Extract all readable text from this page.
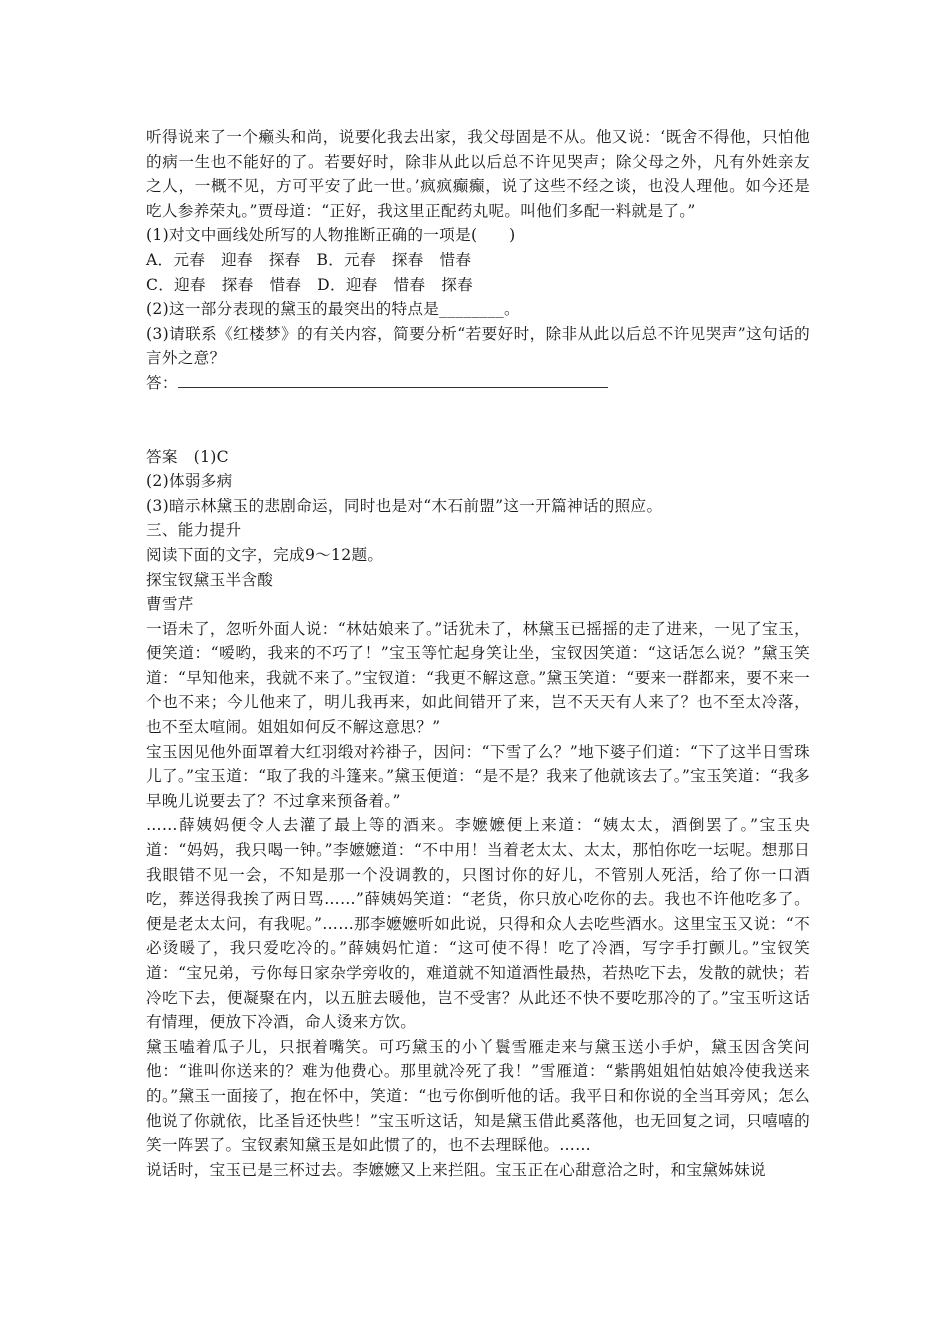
听得说来了一个癞头和尚，说要化我去出家，我父母固是不从。他又说：‘既舍不得他，只怕他的病一生也不能好的了。若要好时，除非从此以后总不许见哭声；除父母之外，凡有外姓亲友之人，一概不见，方可平安了此一世。’疯疯癫癫，说了这些不经之谈，也没人理他。如今还是吃人参养荣丸。”贾母道：“正好，我这里正配药丸呢。叫他们多配一料就是了。”

(1)对文中画线处所写的人物推断正确的一项是(　　)

A．元春　迎春　探春　B．元春　探春　惜春

C．迎春　探春　惜春　D．迎春　惜春　探春

(2)这一部分表现的黛玉的最突出的特点是________。

(3)请联系《红楼梦》的有关内容，简要分析“若要好时，除非从此以后总不许见哭声”这句话的言外之意？

答：

答案　(1)C

(2)体弱多病

(3)暗示林黛玉的悲剧命运，同时也是对“木石前盟”这一开篇神话的照应。

三、能力提升

阅读下面的文字，完成9～12题。

探宝钗黛玉半含酸

曹雪芹

一语未了，忽听外面人说：“林姑娘来了。”话犹未了，林黛玉已摇摇的走了进来，一见了宝玉，便笑道：“嗳哟，我来的不巧了！”宝玉等忙起身笑让坐，宝钗因笑道：“这话怎么说？”黛玉笑道：“早知他来，我就不来了。”宝钗道：“我更不解这意。”黛玉笑道：“要来一群都来，要不来一个也不来；今儿他来了，明儿我再来，如此间错开了来，岂不天天有人来了？也不至太冷落，也不至太喧闹。姐姐如何反不解这意思？”

宝玉因见他外面罩着大红羽缎对衿褂子，因问：“下雪了么？”地下婆子们道：“下了这半日雪珠儿了。”宝玉道：“取了我的斗篷来。”黛玉便道：“是不是？我来了他就该去了。”宝玉笑道：“我多早晚儿说要去了？不过拿来预备着。”

……薛姨妈便令人去灌了最上等的酒来。李嬷嬷便上来道：“姨太太，酒倒罢了。”宝玉央道：“妈妈，我只喝一钟。”李嬷嬷道：“不中用！当着老太太、太太，那怕你吃一坛呢。想那日我眼错不见一会，不知是那一个没调教的，只图讨你的好儿，不管别人死活，给了你一口酒吃，葬送得我挨了两日骂……”薛姨妈笑道：“老货，你只放心吃你的去。我也不许他吃多了。便是老太太问，有我呢。”……那李嬷嬷听如此说，只得和众人去吃些酒水。这里宝玉又说：“不必烫暖了，我只爱吃冷的。”薛姨妈忙道：“这可使不得！吃了冷酒，写字手打颤儿。”宝钗笑道：“宝兄弟，亏你每日家杂学旁收的，难道就不知道酒性最热，若热吃下去，发散的就快；若冷吃下去，便凝聚在内，以五脏去暖他，岂不受害？从此还不快不要吃那冷的了。”宝玉听这话有情理，便放下冷酒，命人烫来方饮。

黛玉嗑着瓜子儿，只抿着嘴笑。可巧黛玉的小丫鬟雪雁走来与黛玉送小手炉，黛玉因含笑问他：“谁叫你送来的？难为他费心。那里就冷死了我！”雪雁道：“紫鹃姐姐怕姑娘冷使我送来的。”黛玉一面接了，抱在怀中，笑道：“也亏你倒听他的话。我平日和你说的全当耳旁风；怎么他说了你就依，比圣旨还快些！”宝玉听这话，知是黛玉借此奚落他，也无回复之词，只嘻嘻的笑一阵罢了。宝钗素知黛玉是如此惯了的，也不去理睬他。……

说话时，宝玉已是三杯过去。李嬷嬷又上来拦阻。宝玉正在心甜意洽之时，和宝黛姊妹说
